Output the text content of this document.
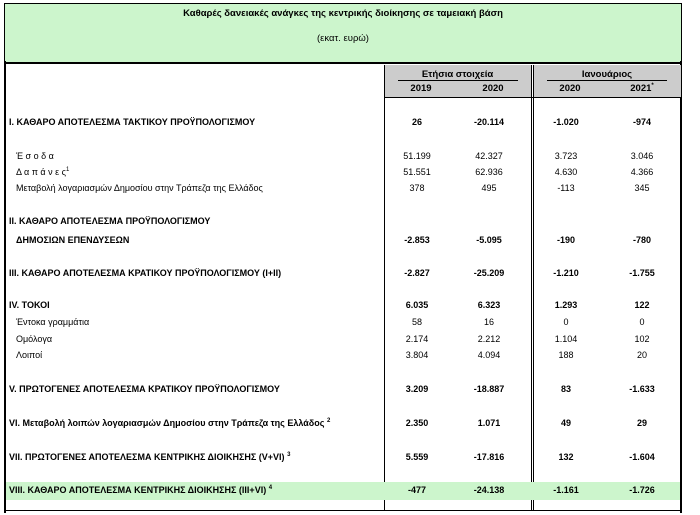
Καθαρές δανειακές ανάγκες της κεντρικής διοίκησης σε ταμειακή βάση
(εκατ. ευρώ)
Ετήσια στοιχεία
2019	2020
Ιανουάριος
2020	2021*
I. ΚΑΘΑΡΟ ΑΠΟΤΕΛΕΣΜΑ ΤΑΚΤΙΚΟΥ ΠΡΟΫΠΟΛΟΓΙΣΜΟΥ	26	-20.114	-1.020	-974
Έ σ ο δ α	51.199	42.327	3.723	3.046
Δ α π ά ν ε $\varsigma^1$	51.551	62.936	4.630	4.366
Μεταβολή λογαριασμών Δημοσίου στην Τράπεζα της Ελλάδος	378	495	-113	345
II. ΚΑΘΑΡΟ ΑΠΟΤΕΛΕΣΜΑ ΠΡΟΫΠΟΛΟΓΙΣΜΟΥ
ΔΗΜΟΣΙΩΝ ΕΠΕΝΔΥΣΕΩΝ	-2.853	-5.095	-190	-780
III. ΚΑΘΑΡΟ ΑΠΟΤΕΛΕΣΜΑ ΚΡΑΤΙΚΟΥ ΠΡΟΫΠΟΛΟΓΙΣΜΟΥ (I+II)	-2.827	-25.209	-1.210	-1.755
IV. ΤΟΚΟΙ	6.035	6.323	1.293	122
Έντοκα γραμμάτια	58	16	0	0
Ομόλογα	2.174	2.212	1.104	102
Λοιποί	3.804	4.094	188	20
V. ΠΡΩΤΟΓΕΝΕΣ ΑΠΟΤΕΛΕΣΜΑ ΚΡΑΤΙΚΟΥ ΠΡΟΫΠΟΛΟΓΙΣΜΟΥ	3.209	-18.887	83	-1.633
VI. Μεταβολή λοιπών λογαριασμών Δημοσίου στην Τράπεζα της Ελλάδος $^2$	2.350	1.071	49	29
VII. ΠΡΩΤΟΓΕΝΕΣ ΑΠΟΤΕΛΕΣΜΑ ΚΕΝΤΡΙΚΗΣ ΔΙΟΙΚΗΣΗΣ (V+VI) $^3$	5.559	-17.816	132	-1.604
VIII. ΚΑΘΑΡΟ ΑΠΟΤΕΛΕΣΜΑ ΚΕΝΤΡΙΚΗΣ ΔΙΟΙΚΗΣΗΣ (III+VI) $^4$	-477	-24.138	-1.161	-1.726
